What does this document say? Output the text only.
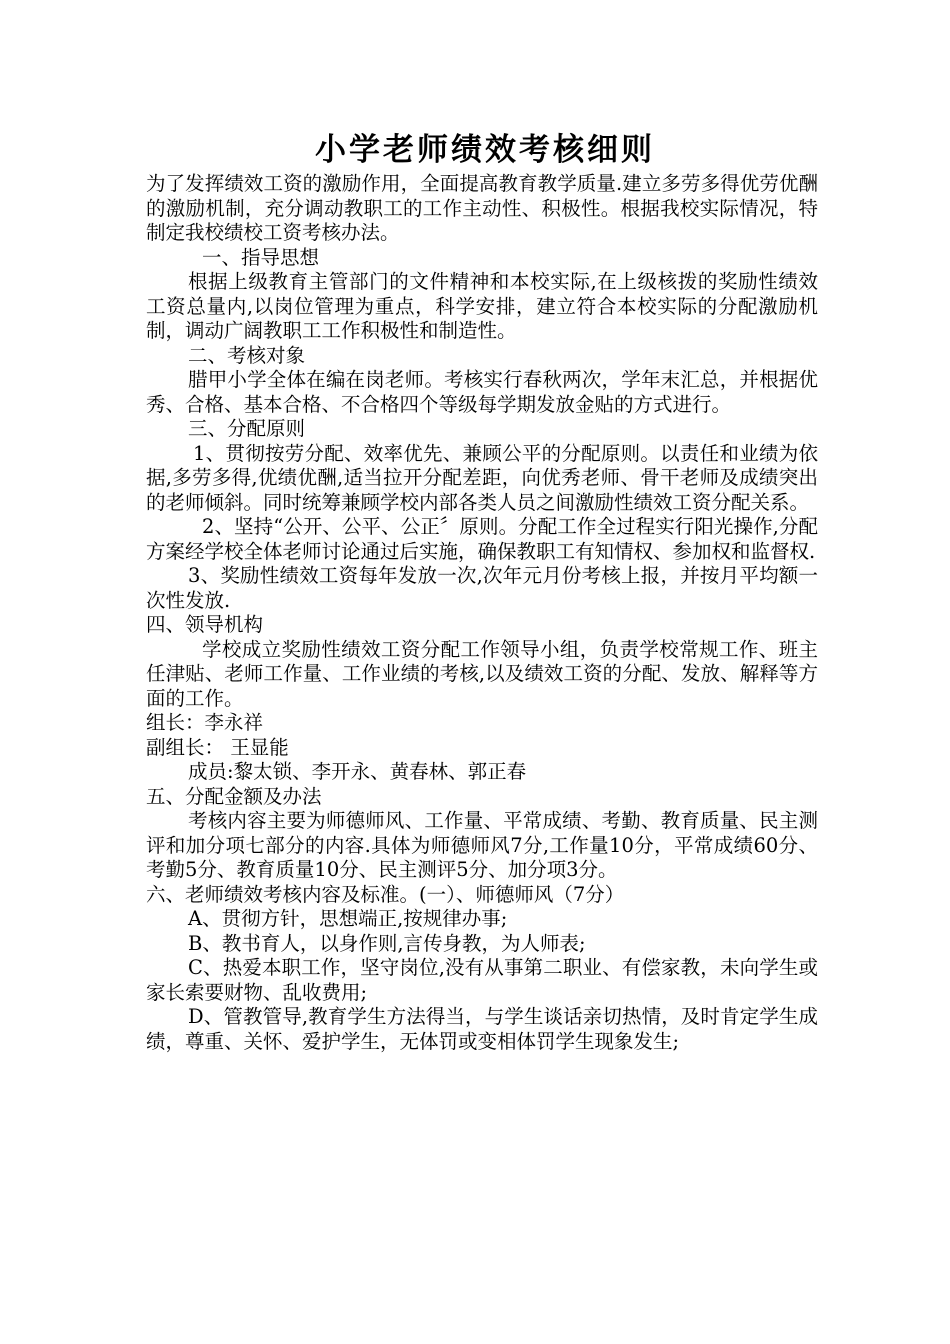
小学老师绩效考核细则

为了发挥绩效工资的激励作用，全面提高教育教学质量.建立多劳多得优劳优酬的激励机制，充分调动教职工的工作主动性、积极性。根据我校实际情况，特制定我校绩校工资考核办法。

一、指导思想

根据上级教育主管部门的文件精神和本校实际,在上级核拨的奖励性绩效工资总量内,以岗位管理为重点，科学安排，建立符合本校实际的分配激励机制，调动广阔教职工工作积极性和制造性。

二、考核对象

腊甲小学全体在编在岗老师。考核实行春秋两次，学年末汇总，并根据优秀、合格、基本合格、不合格四个等级每学期发放金贴的方式进行。

三、分配原则

1、贯彻按劳分配、效率优先、兼顾公平的分配原则。以责任和业绩为依据,多劳多得,优绩优酬,适当拉开分配差距，向优秀老师、骨干老师及成绩突出的老师倾斜。同时统筹兼顾学校内部各类人员之间激励性绩效工资分配关系。

2、坚持“公开、公平、公正〞原则。分配工作全过程实行阳光操作,分配方案经学校全体老师讨论通过后实施，确保教职工有知情权、参加权和监督权.

3、奖励性绩效工资每年发放一次,次年元月份考核上报，并按月平均额一次性发放.

四、领导机构

学校成立奖励性绩效工资分配工作领导小组，负责学校常规工作、班主任津贴、老师工作量、工作业绩的考核,以及绩效工资的分配、发放、解释等方面的工作。

组长：李永祥

副组长： 王显能

成员:黎太锁、李开永、黄春林、郭正春

五、分配金额及办法

考核内容主要为师德师风、工作量、平常成绩、考勤、教育质量、民主测评和加分项七部分的内容.具体为师德师风7分,工作量10分，平常成绩60分、考勤5分、教育质量10分、民主测评5分、加分项3分。

六、老师绩效考核内容及标准。(一）、师德师风（7分）

A、贯彻方针，思想端正,按规律办事;

B、教书育人，以身作则,言传身教，为人师表;

C、热爱本职工作，坚守岗位,没有从事第二职业、有偿家教，未向学生或家长索要财物、乱收费用;

D、管教管导,教育学生方法得当，与学生谈话亲切热情，及时肯定学生成绩，尊重、关怀、爱护学生，无体罚或变相体罚学生现象发生;
